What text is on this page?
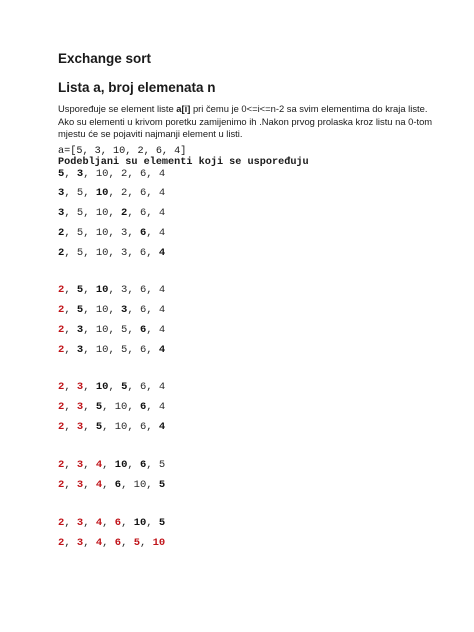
Exchange sort
Lista a, broj elemenata n
Uspoređuje se element liste a[i] pri čemu je 0<=i<=n-2 sa svim elementima do kraja liste.
Ako su elementi u krivom poretku zamijenimo ih .Nakon prvog prolaska kroz listu na 0-tom
mjestu će se pojaviti najmanji element u listi.
a=[5, 3, 10, 2, 6, 4]
Podebljani su elementi koji se uspoređuju
5, 3, 10, 2, 6, 4
3, 5, 10, 2, 6, 4
3, 5, 10, 2, 6, 4
2, 5, 10, 3, 6, 4
2, 5, 10, 3, 6, 4
2, 5, 10, 3, 6, 4
2, 5, 10, 3, 6, 4
2, 3, 10, 5, 6, 4
2, 3, 10, 5, 6, 4
2, 3, 10, 5, 6, 4
2, 3, 5, 10, 6, 4
2, 3, 5, 10, 6, 4
2, 3, 4, 10, 6, 5
2, 3, 4, 6, 10, 5
2, 3, 4, 6, 10, 5
2, 3, 4, 6, 5, 10
